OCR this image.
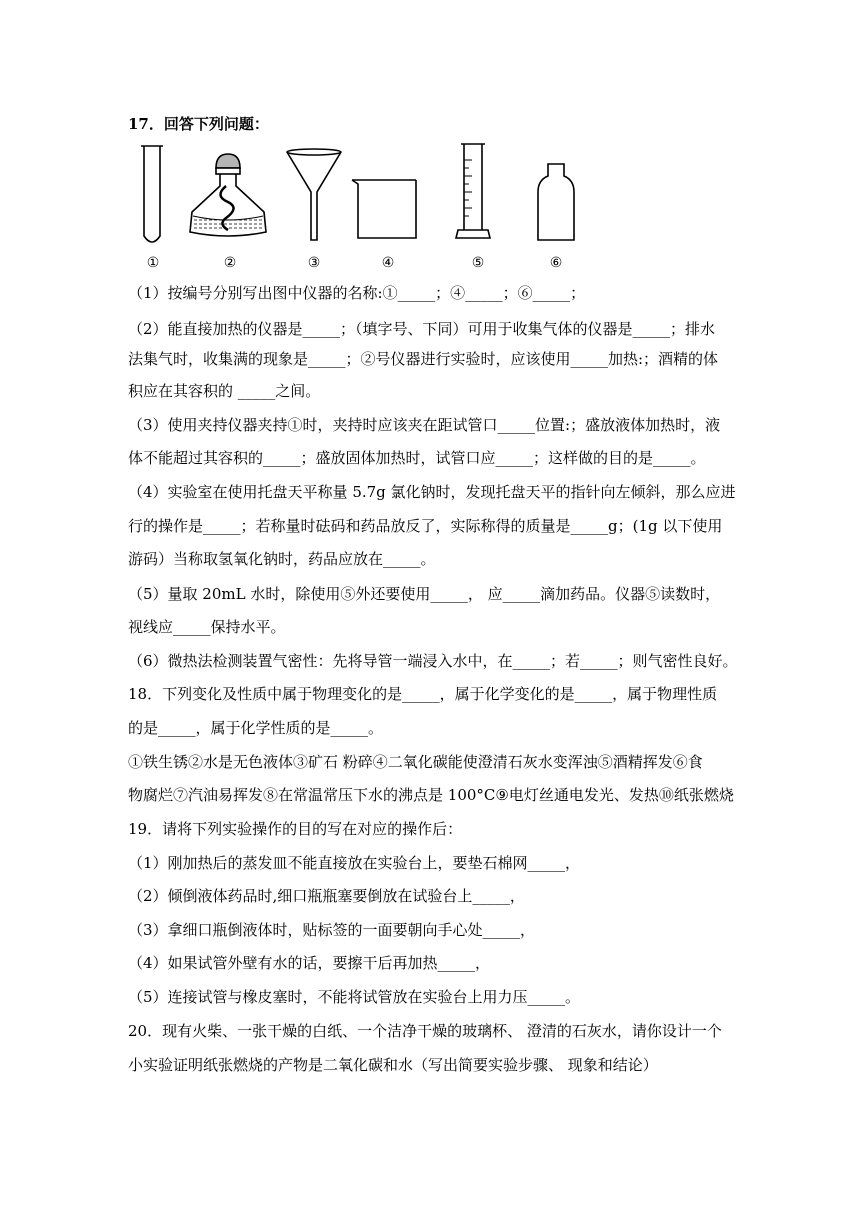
17．回答下列问题：
①	②	③	④	⑤	⑥
（1）按编号分别写出图中仪器的名称:①_____；④_____；⑥_____；
（2）能直接加热的仪器是_____；（填字号、下同）可用于收集气体的仪器是_____；排水
法集气时，收集满的现象是_____；②号仪器进行实验时，应该使用_____加热:；酒精的体
积应在其容积的 _____之间。
（3）使用夹持仪器夹持①时，夹持时应该夹在距试管口_____位置:；盛放液体加热时，液
体不能超过其容积的_____；盛放固体加热时，试管口应_____；这样做的目的是_____。
（4）实验室在使用托盘天平称量 5.7g 氯化钠时，发现托盘天平的指针向左倾斜，那么应进
行的操作是_____；若称量时砝码和药品放反了，实际称得的质量是_____g；(1g 以下使用
游码）当称取氢氧化钠时，药品应放在_____。
（5）量取 20mL 水时，除使用⑤外还要使用_____， 应_____滴加药品。仪器⑤读数时，
视线应_____保持水平。
（6）微热法检测装置气密性：先将导管一端浸入水中，在_____；若_____；则气密性良好。
18．下列变化及性质中属于物理变化的是_____，属于化学变化的是_____，属于物理性质
的是_____，属于化学性质的是_____。
①铁生锈②水是无色液体③矿石 粉碎④二氧化碳能使澄清石灰水变浑浊⑤酒精挥发⑥食
物腐烂⑦汽油易挥发⑧在常温常压下水的沸点是 100°C⑨电灯丝通电发光、发热⑩纸张燃烧
19．请将下列实验操作的目的写在对应的操作后：
（1）刚加热后的蒸发皿不能直接放在实验台上，要垫石棉网_____，
（2）倾倒液体药品时,细口瓶瓶塞要倒放在试验台上_____，
（3）拿细口瓶倒液体时，贴标签的一面要朝向手心处_____，
（4）如果试管外壁有水的话，要擦干后再加热_____，
（5）连接试管与橡皮塞时，不能将试管放在实验台上用力压_____。
20．现有火柴、一张干燥的白纸、一个洁净干燥的玻璃杯、 澄清的石灰水，请你设计一个
小实验证明纸张燃烧的产物是二氧化碳和水（写出简要实验步骤、 现象和结论）
